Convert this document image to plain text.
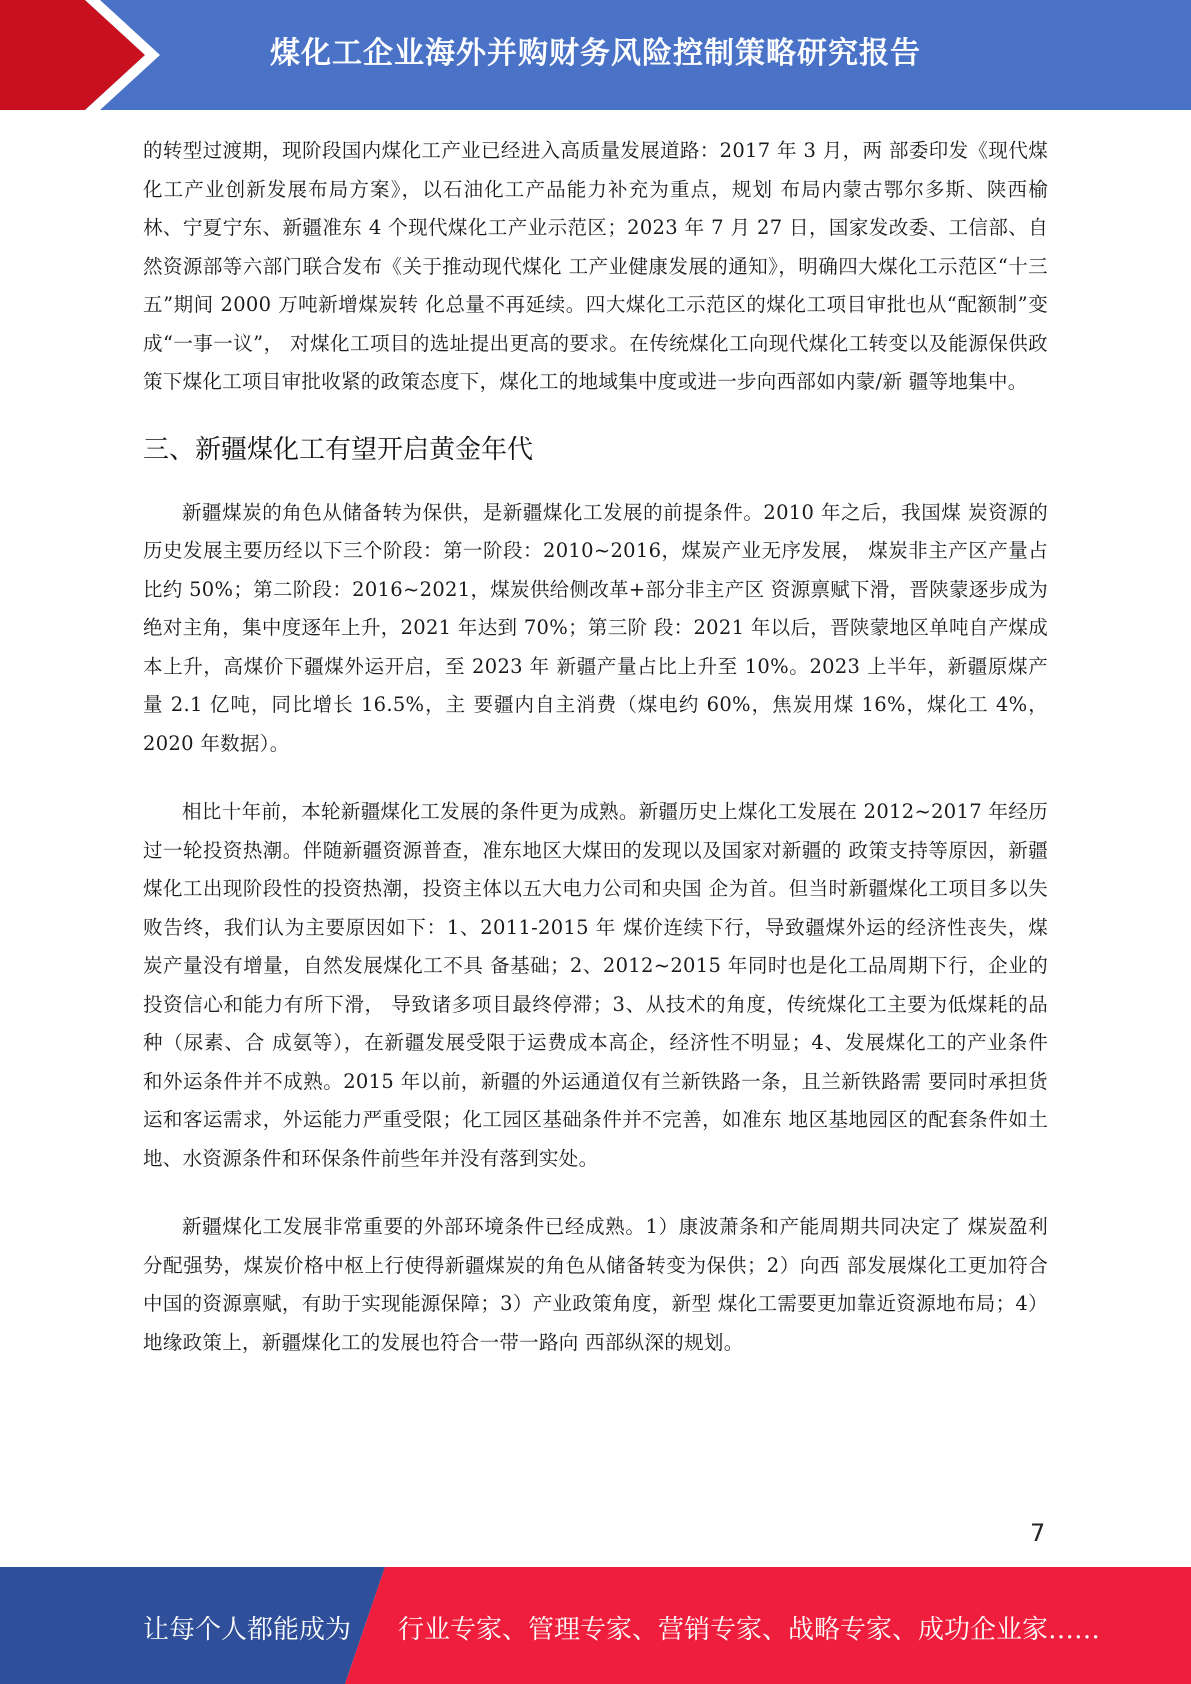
煤化工企业海外并购财务风险控制策略研究报告

的转型过渡期，现阶段国内煤化工产业已经进入高质量发展道路：2017 年 3 月，两 部委印发《现代煤化工产业创新发展布局方案》，以石油化工产品能力补充为重点，规划 布局内蒙古鄂尔多斯、陕西榆林、宁夏宁东、新疆准东 4 个现代煤化工产业示范区；2023 年 7 月 27 日，国家发改委、工信部、自然资源部等六部门联合发布《关于推动现代煤化 工产业健康发展的通知》，明确四大煤化工示范区“十三五”期间 2000 万吨新增煤炭转 化总量不再延续。四大煤化工示范区的煤化工项目审批也从“配额制”变成“一事一议”， 对煤化工项目的选址提出更高的要求。在传统煤化工向现代煤化工转变以及能源保供政 策下煤化工项目审批收紧的政策态度下，煤化工的地域集中度或进一步向西部如内蒙/新 疆等地集中。

三、新疆煤化工有望开启黄金年代

新疆煤炭的角色从储备转为保供，是新疆煤化工发展的前提条件。2010 年之后，我国煤 炭资源的历史发展主要历经以下三个阶段：第一阶段：2010~2016，煤炭产业无序发展， 煤炭非主产区产量占比约 50%；第二阶段：2016~2021，煤炭供给侧改革+部分非主产区 资源禀赋下滑，晋陕蒙逐步成为绝对主角，集中度逐年上升，2021 年达到 70%；第三阶 段：2021 年以后，晋陕蒙地区单吨自产煤成本上升，高煤价下疆煤外运开启，至 2023 年 新疆产量占比上升至 10%。2023 上半年，新疆原煤产量 2.1 亿吨，同比增长 16.5%，主 要疆内自主消费（煤电约 60%，焦炭用煤 16%，煤化工 4%，2020 年数据）。

相比十年前，本轮新疆煤化工发展的条件更为成熟。新疆历史上煤化工发展在 2012~2017 年经历过一轮投资热潮。伴随新疆资源普查，准东地区大煤田的发现以及国家对新疆的 政策支持等原因，新疆煤化工出现阶段性的投资热潮，投资主体以五大电力公司和央国 企为首。但当时新疆煤化工项目多以失败告终，我们认为主要原因如下：1、2011-2015 年 煤价连续下行，导致疆煤外运的经济性丧失，煤炭产量没有增量，自然发展煤化工不具 备基础；2、2012~2015 年同时也是化工品周期下行，企业的投资信心和能力有所下滑， 导致诸多项目最终停滞；3、从技术的角度，传统煤化工主要为低煤耗的品种（尿素、合 成氨等），在新疆发展受限于运费成本高企，经济性不明显；4、发展煤化工的产业条件 和外运条件并不成熟。2015 年以前，新疆的外运通道仅有兰新铁路一条，且兰新铁路需 要同时承担货运和客运需求，外运能力严重受限；化工园区基础条件并不完善，如准东 地区基地园区的配套条件如土地、水资源条件和环保条件前些年并没有落到实处。

新疆煤化工发展非常重要的外部环境条件已经成熟。1）康波萧条和产能周期共同决定了 煤炭盈利分配强势，煤炭价格中枢上行使得新疆煤炭的角色从储备转变为保供；2）向西 部发展煤化工更加符合中国的资源禀赋，有助于实现能源保障；3）产业政策角度，新型 煤化工需要更加靠近资源地布局；4）地缘政策上，新疆煤化工的发展也符合一带一路向 西部纵深的规划。

7
让每个人都能成为 行业专家、管理专家、营销专家、战略专家、成功企业家……
